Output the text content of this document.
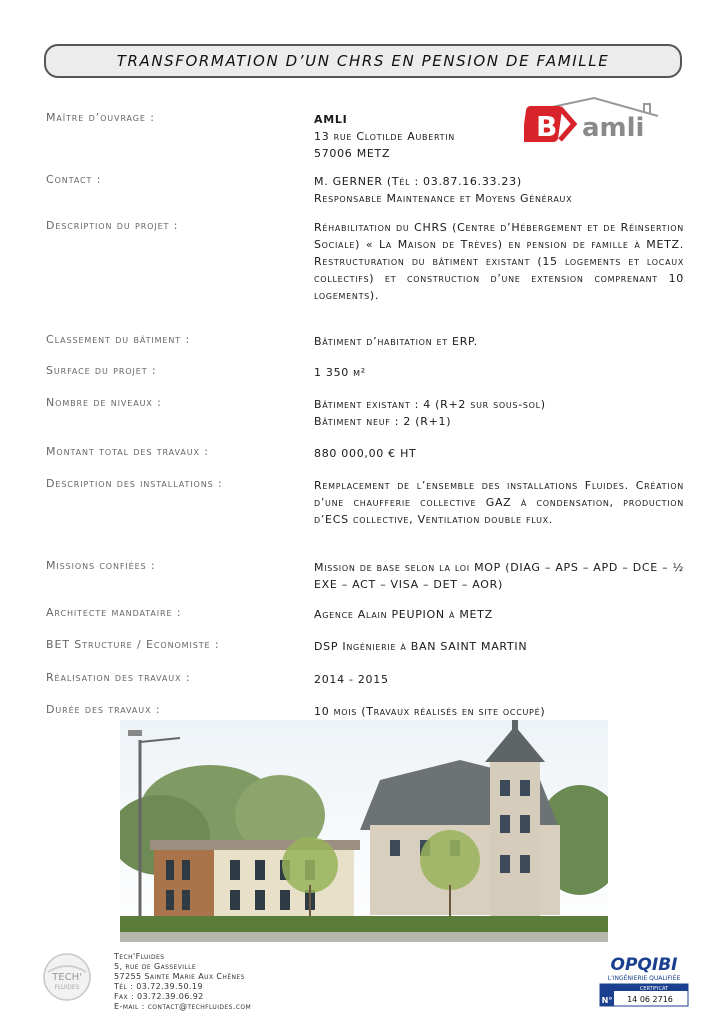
TRANSFORMATION D’UN CHRS EN PENSION DE FAMILLE
B amli
Maître d’ouvrage :	AMLI
13 rue Clotilde Aubertin
57006 METZ
Contact :	M. GERNER (Tél : 03.87.16.33.23)
Responsable Maintenance et Moyens Généraux
Description du projet :	Réhabilitation du CHRS (Centre d’Hébergement et de Réinsertion Sociale) « La Maison de Trèves) en pension de famille à METZ. Restructuration du bâtiment existant (15 logements et locaux collectifs) et construction d’une extension comprenant 10 logements).
Classement du bâtiment :	Bâtiment d’habitation et ERP.
Surface du projet :	1 350 m²
Nombre de niveaux :	Bâtiment existant : 4 (R+2 sur sous-sol)
Bâtiment neuf : 2 (R+1)
Montant total des travaux :	880 000,00 € HT
Description des installations :	Remplacement de l’ensemble des installations Fluides. Création d’une chaufferie collective GAZ à condensation, production d’ECS collective, Ventilation double flux.
Missions confiées :	Mission de base selon la loi MOP (DIAG – APS – APD – DCE – ½ EXE – ACT – VISA – DET – AOR)
Architecte mandataire :	Agence Alain PEUPION à METZ
BET Structure / Economiste :	DSP Ingénierie à BAN SAINT MARTIN
Réalisation des travaux :	2014 - 2015
Durée des travaux :	10 mois (Travaux réalisés en site occupé)
TECH'
FLUIDES
Tech'Fluides
5, rue de Gasseville
57255 Sainte Marie Aux Chênes
Tél : 03.72.39.50.19
Fax : 03.72.39.06.92
E-mail : contact@techfluides.com
OPQIBI
L'INGÉNIERIE QUALIFIÉE
CERTIFICAT
N° 14 06 2716
